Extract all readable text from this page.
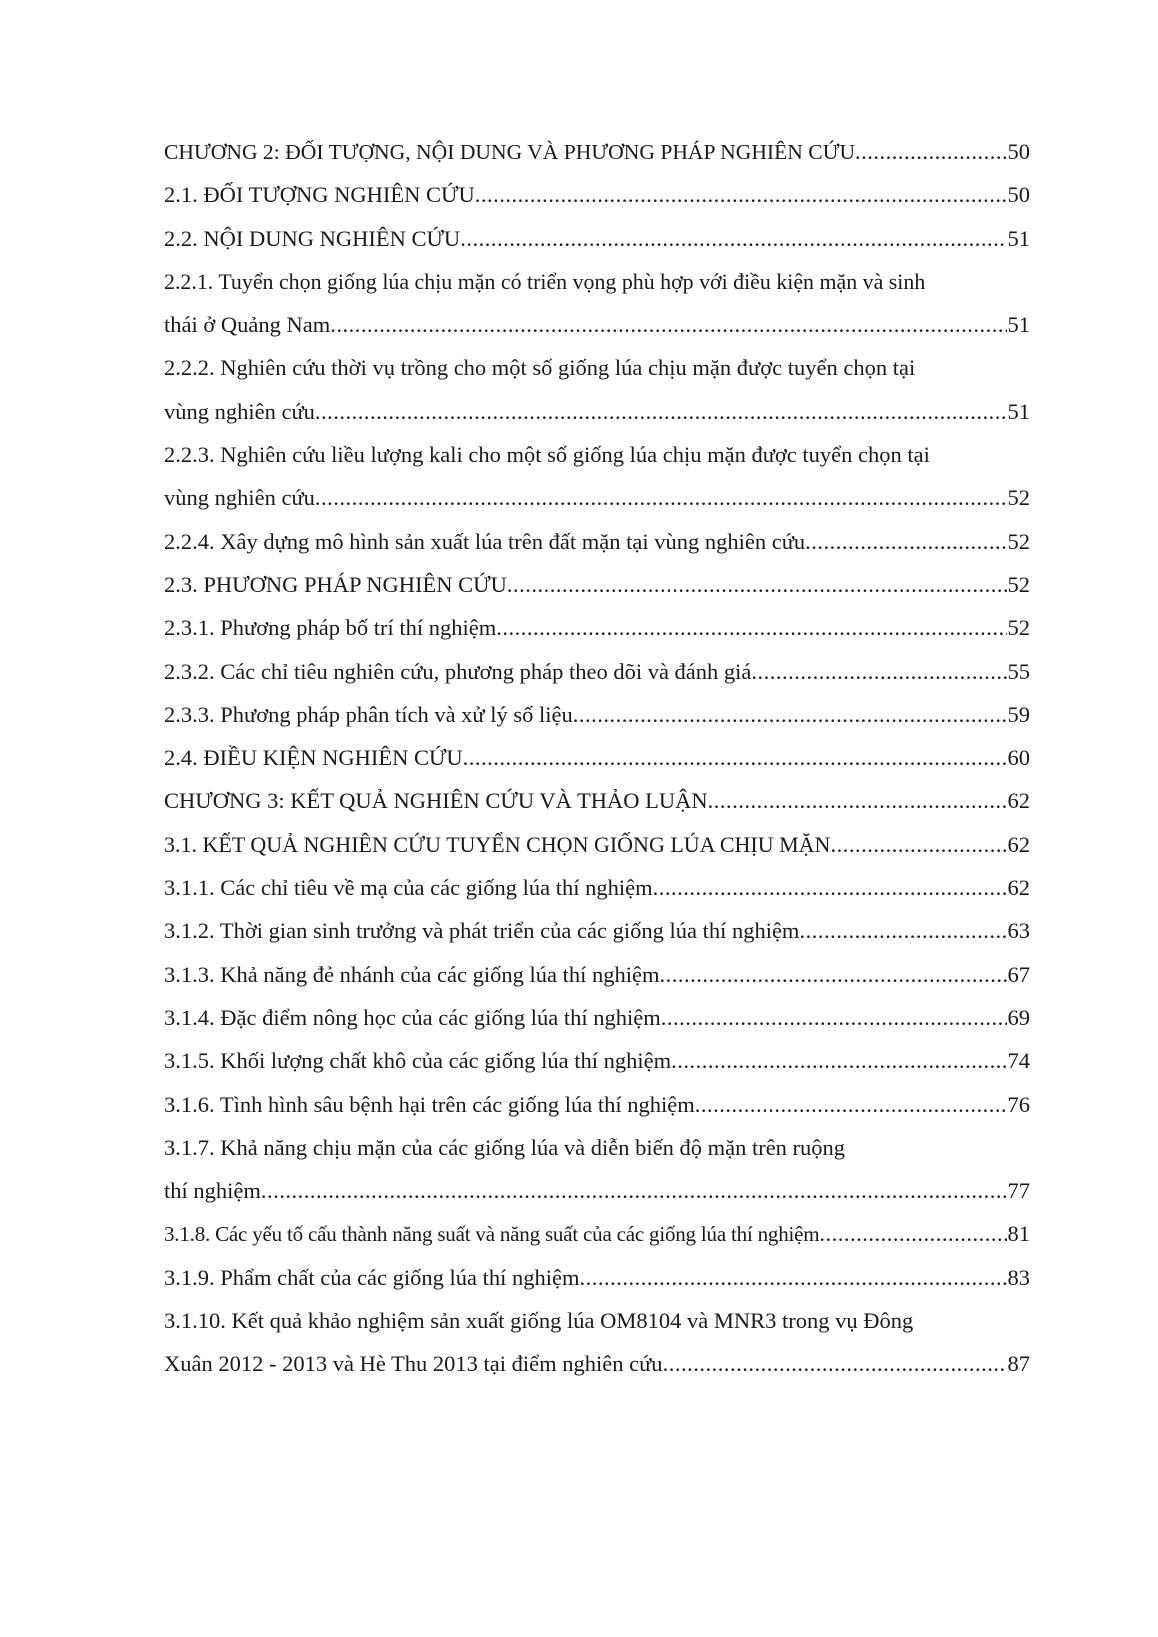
CHƯƠNG 2: ĐỐI TƯỢNG, NỘI DUNG VÀ PHƯƠNG PHÁP NGHIÊN CỨU .....	50
2.1. ĐỐI TƯỢNG NGHIÊN CỨU .....	50
2.2. NỘI DUNG NGHIÊN CỨU .....	51
2.2.1. Tuyển chọn giống lúa chịu mặn có triển vọng phù hợp với điều kiện mặn và sinh
thái ở Quảng Nam .....	51
2.2.2. Nghiên cứu thời vụ trồng cho một số giống lúa chịu mặn được tuyển chọn tại
vùng nghiên cứu .....	51
2.2.3. Nghiên cứu liều lượng kali cho một số giống lúa chịu mặn được tuyển chọn tại
vùng nghiên cứu .....	52
2.2.4. Xây dựng mô hình sản xuất lúa trên đất mặn tại vùng nghiên cứu .....	52
2.3. PHƯƠNG PHÁP NGHIÊN CỨU .....	52
2.3.1. Phương pháp bố trí thí nghiệm .....	52
2.3.2. Các chỉ tiêu nghiên cứu, phương pháp theo dõi và đánh giá .....	55
2.3.3. Phương pháp phân tích và xử lý số liệu .....	59
2.4. ĐIỀU KIỆN NGHIÊN CỨU .....	60
CHƯƠNG 3: KẾT QUẢ NGHIÊN CỨU VÀ THẢO LUẬN .....	62
3.1. KẾT QUẢ NGHIÊN CỨU TUYỂN CHỌN GIỐNG LÚA CHỊU MẶN .....	62
3.1.1. Các chỉ tiêu về mạ của các giống lúa thí nghiệm .....	62
3.1.2. Thời gian sinh trưởng và phát triển của các giống lúa thí nghiệm .....	63
3.1.3. Khả năng đẻ nhánh của các giống lúa thí nghiệm .....	67
3.1.4. Đặc điểm nông học của các giống lúa thí nghiệm .....	69
3.1.5. Khối lượng chất khô của các giống lúa thí nghiệm .....	74
3.1.6. Tình hình sâu bệnh hại trên các giống lúa thí nghiệm .....	76
3.1.7. Khả năng chịu mặn của các giống lúa và diễn biến độ mặn trên ruộng
thí nghiệm .....	77
3.1.8. Các yếu tố cấu thành năng suất và năng suất của các giống lúa thí nghiệm .....	81
3.1.9. Phẩm chất của các giống lúa thí nghiệm .....	83
3.1.10. Kết quả khảo nghiệm sản xuất giống lúa OM8104 và MNR3 trong vụ Đông
Xuân 2012 - 2013 và Hè Thu 2013 tại điểm nghiên cứu .....	87
